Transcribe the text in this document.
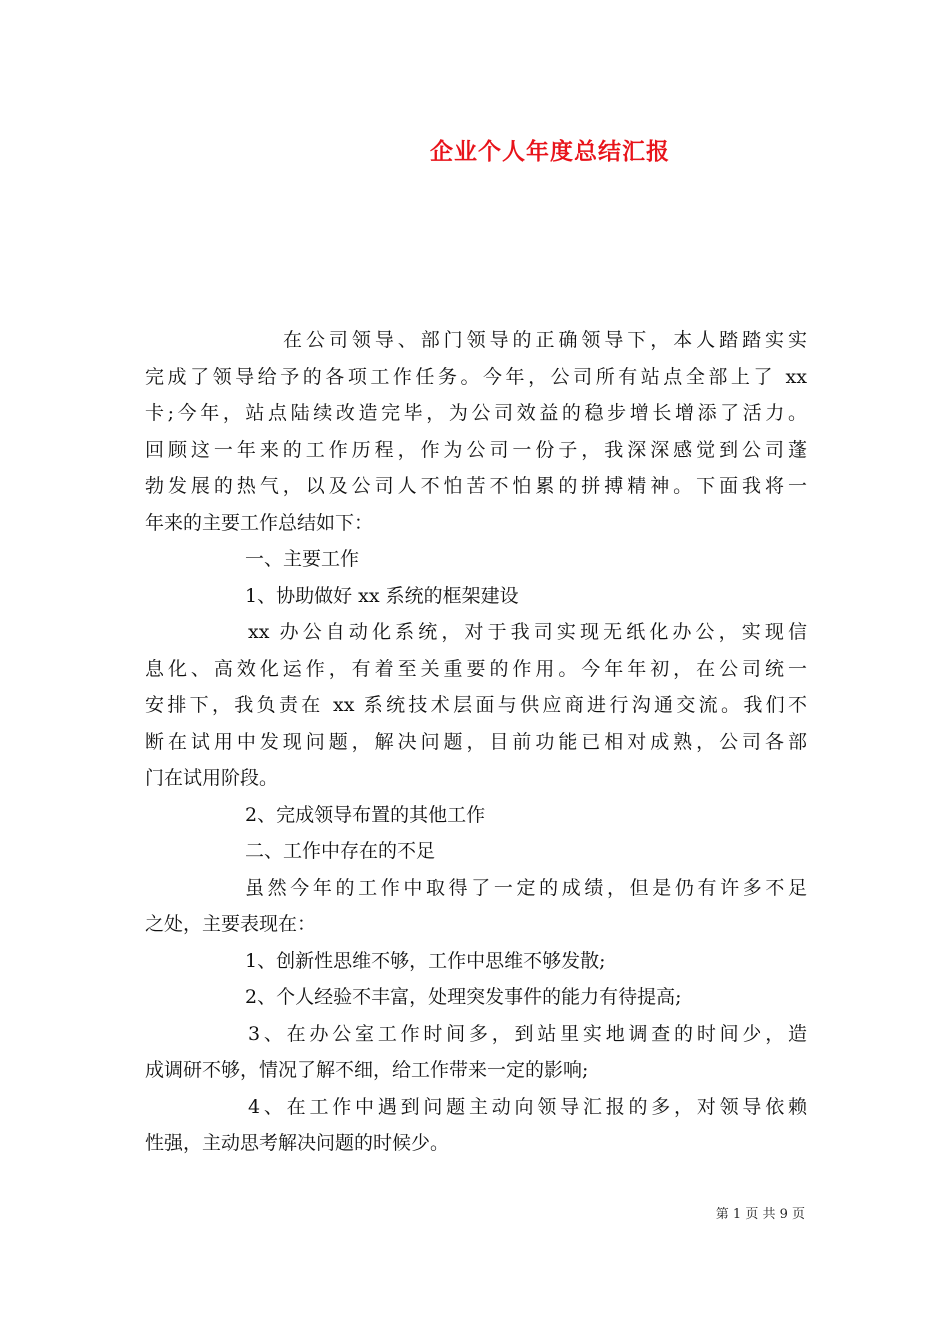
企业个人年度总结汇报
在公司领导、部门领导的正确领导下，本人踏踏实实
完成了领导给予的各项工作任务。今年，公司所有站点全部上了 xx
卡;今年，站点陆续改造完毕，为公司效益的稳步增长增添了活力。
回顾这一年来的工作历程，作为公司一份子，我深深感觉到公司蓬
勃发展的热气，以及公司人不怕苦不怕累的拼搏精神。下面我将一
年来的主要工作总结如下：
一、主要工作
1、协助做好 xx 系统的框架建设
xx 办公自动化系统，对于我司实现无纸化办公，实现信
息化、高效化运作，有着至关重要的作用。今年年初，在公司统一
安排下，我负责在 xx 系统技术层面与供应商进行沟通交流。我们不
断在试用中发现问题，解决问题，目前功能已相对成熟，公司各部
门在试用阶段。
2、完成领导布置的其他工作
二、工作中存在的不足
虽然今年的工作中取得了一定的成绩，但是仍有许多不足
之处，主要表现在：
1、创新性思维不够，工作中思维不够发散;
2、个人经验不丰富，处理突发事件的能力有待提高;
3、在办公室工作时间多，到站里实地调查的时间少，造
成调研不够，情况了解不细，给工作带来一定的影响;
4、在工作中遇到问题主动向领导汇报的多，对领导依赖
性强，主动思考解决问题的时候少。
第 1 页 共 9 页
